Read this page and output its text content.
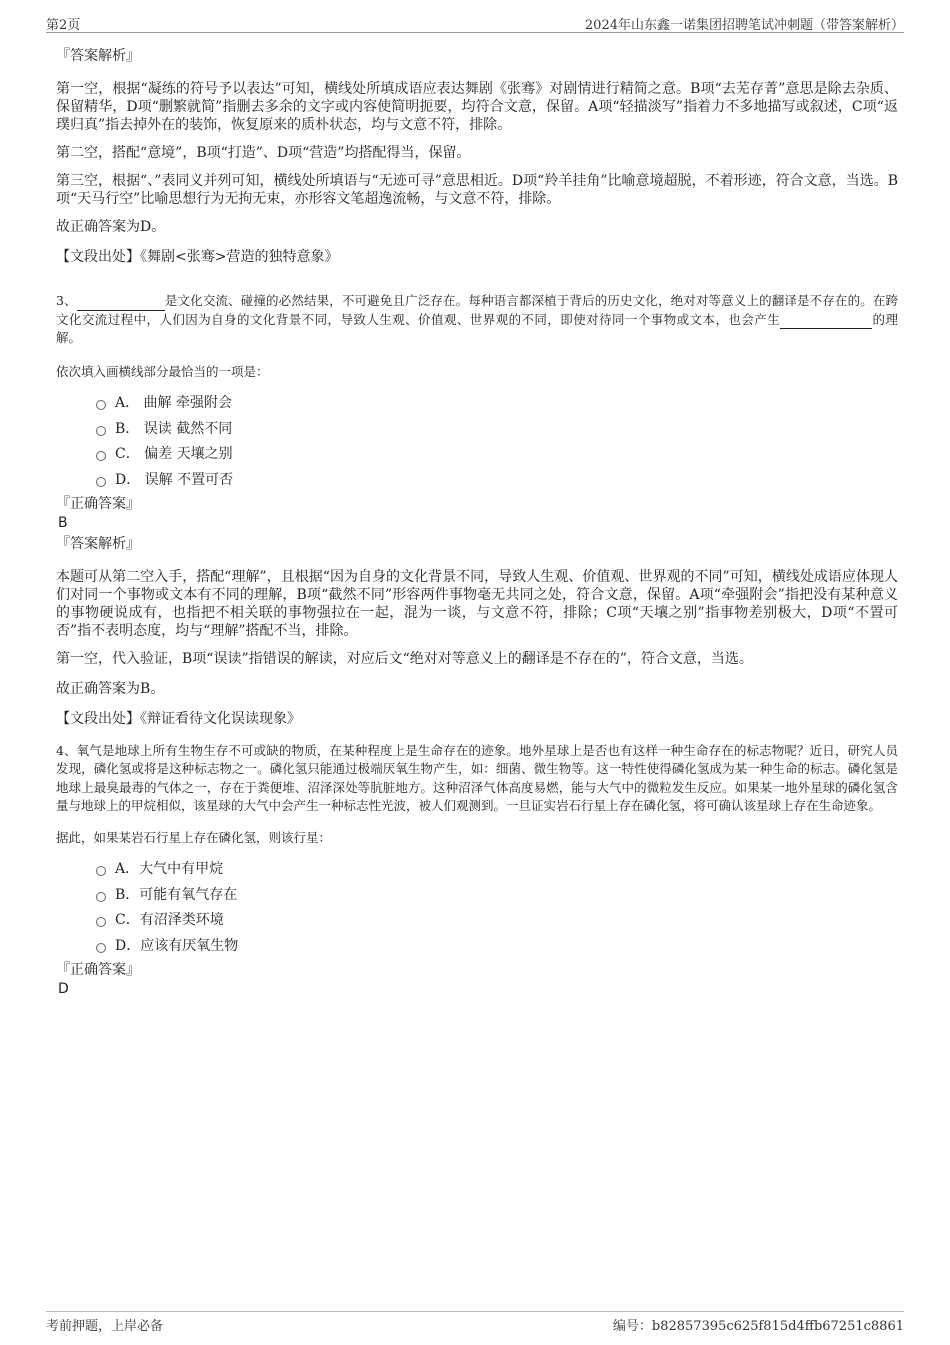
第2页	2024年山东鑫一诺集团招聘笔试冲刺题（带答案解析）
『答案解析』
第一空，根据“凝练的符号予以表达”可知，横线处所填成语应表达舞剧《张骞》对剧情进行精简之意。B项“去芜存菁”意思是除去杂质、保留精华，D项“删繁就简”指删去多余的文字或内容使简明扼要，均符合文意，保留。A项“轻描淡写”指着力不多地描写或叙述，C项“返璞归真”指去掉外在的装饰，恢复原来的质朴状态，均与文意不符，排除。
第二空，搭配“意境”，B项“打造”、D项“营造”均搭配得当，保留。
第三空，根据“、”表同义并列可知，横线处所填语与“无迹可寻”意思相近。D项“羚羊挂角”比喻意境超脱，不着形迹，符合文意，当选。B项“天马行空”比喻思想行为无拘无束，亦形容文笔超逸流畅，与文意不符，排除。
故正确答案为D。
【文段出处】《舞剧<张骞>营造的独特意象》
3、	是文化交流、碰撞的必然结果，不可避免且广泛存在。每种语言都深植于背后的历史文化，绝对对等意义上的翻译是不存在的。在跨文化交流过程中，人们因为自身的文化背景不同，导致人生观、价值观、世界观的不同，即使对待同一个事物或文本，也会产生	的理解。
依次填入画横线部分最恰当的一项是：
A． 曲解 牵强附会
B． 误读 截然不同
C． 偏差 天壤之别
D． 误解 不置可否
『正确答案』
B
『答案解析』
本题可从第二空入手，搭配“理解”，且根据“因为自身的文化背景不同，导致人生观、价值观、世界观的不同”可知，横线处成语应体现人们对同一个事物或文本有不同的理解，B项“截然不同”形容两件事物毫无共同之处，符合文意，保留。A项“牵强附会”指把没有某种意义的事物硬说成有，也指把不相关联的事物强拉在一起，混为一谈，与文意不符，排除；C项“天壤之别”指事物差别极大，D项“不置可否”指不表明态度，均与“理解”搭配不当，排除。
第一空，代入验证，B项“误读”指错误的解读，对应后文“绝对对等意义上的翻译是不存在的”，符合文意，当选。
故正确答案为B。
【文段出处】《辩证看待文化误读现象》
4、氧气是地球上所有生物生存不可或缺的物质，在某种程度上是生命存在的迹象。地外星球上是否也有这样一种生命存在的标志物呢？近日，研究人员发现，磷化氢或将是这种标志物之一。磷化氢只能通过极端厌氧生物产生，如：细菌、微生物等。这一特性使得磷化氢成为某一种生命的标志。磷化氢是地球上最臭最毒的气体之一，存在于粪便堆、沼泽深处等肮脏地方。这种沼泽气体高度易燃，能与大气中的微粒发生反应。如果某一地外星球的磷化氢含量与地球上的甲烷相似，该星球的大气中会产生一种标志性光波，被人们观测到。一旦证实岩石行星上存在磷化氢，将可确认该星球上存在生命迹象。
据此，如果某岩石行星上存在磷化氢，则该行星：
A．大气中有甲烷
B．可能有氧气存在
C．有沼泽类环境
D．应该有厌氧生物
『正确答案』
D
考前押题，上岸必备	编号：b82857395c625f815d4ffb67251c8861
